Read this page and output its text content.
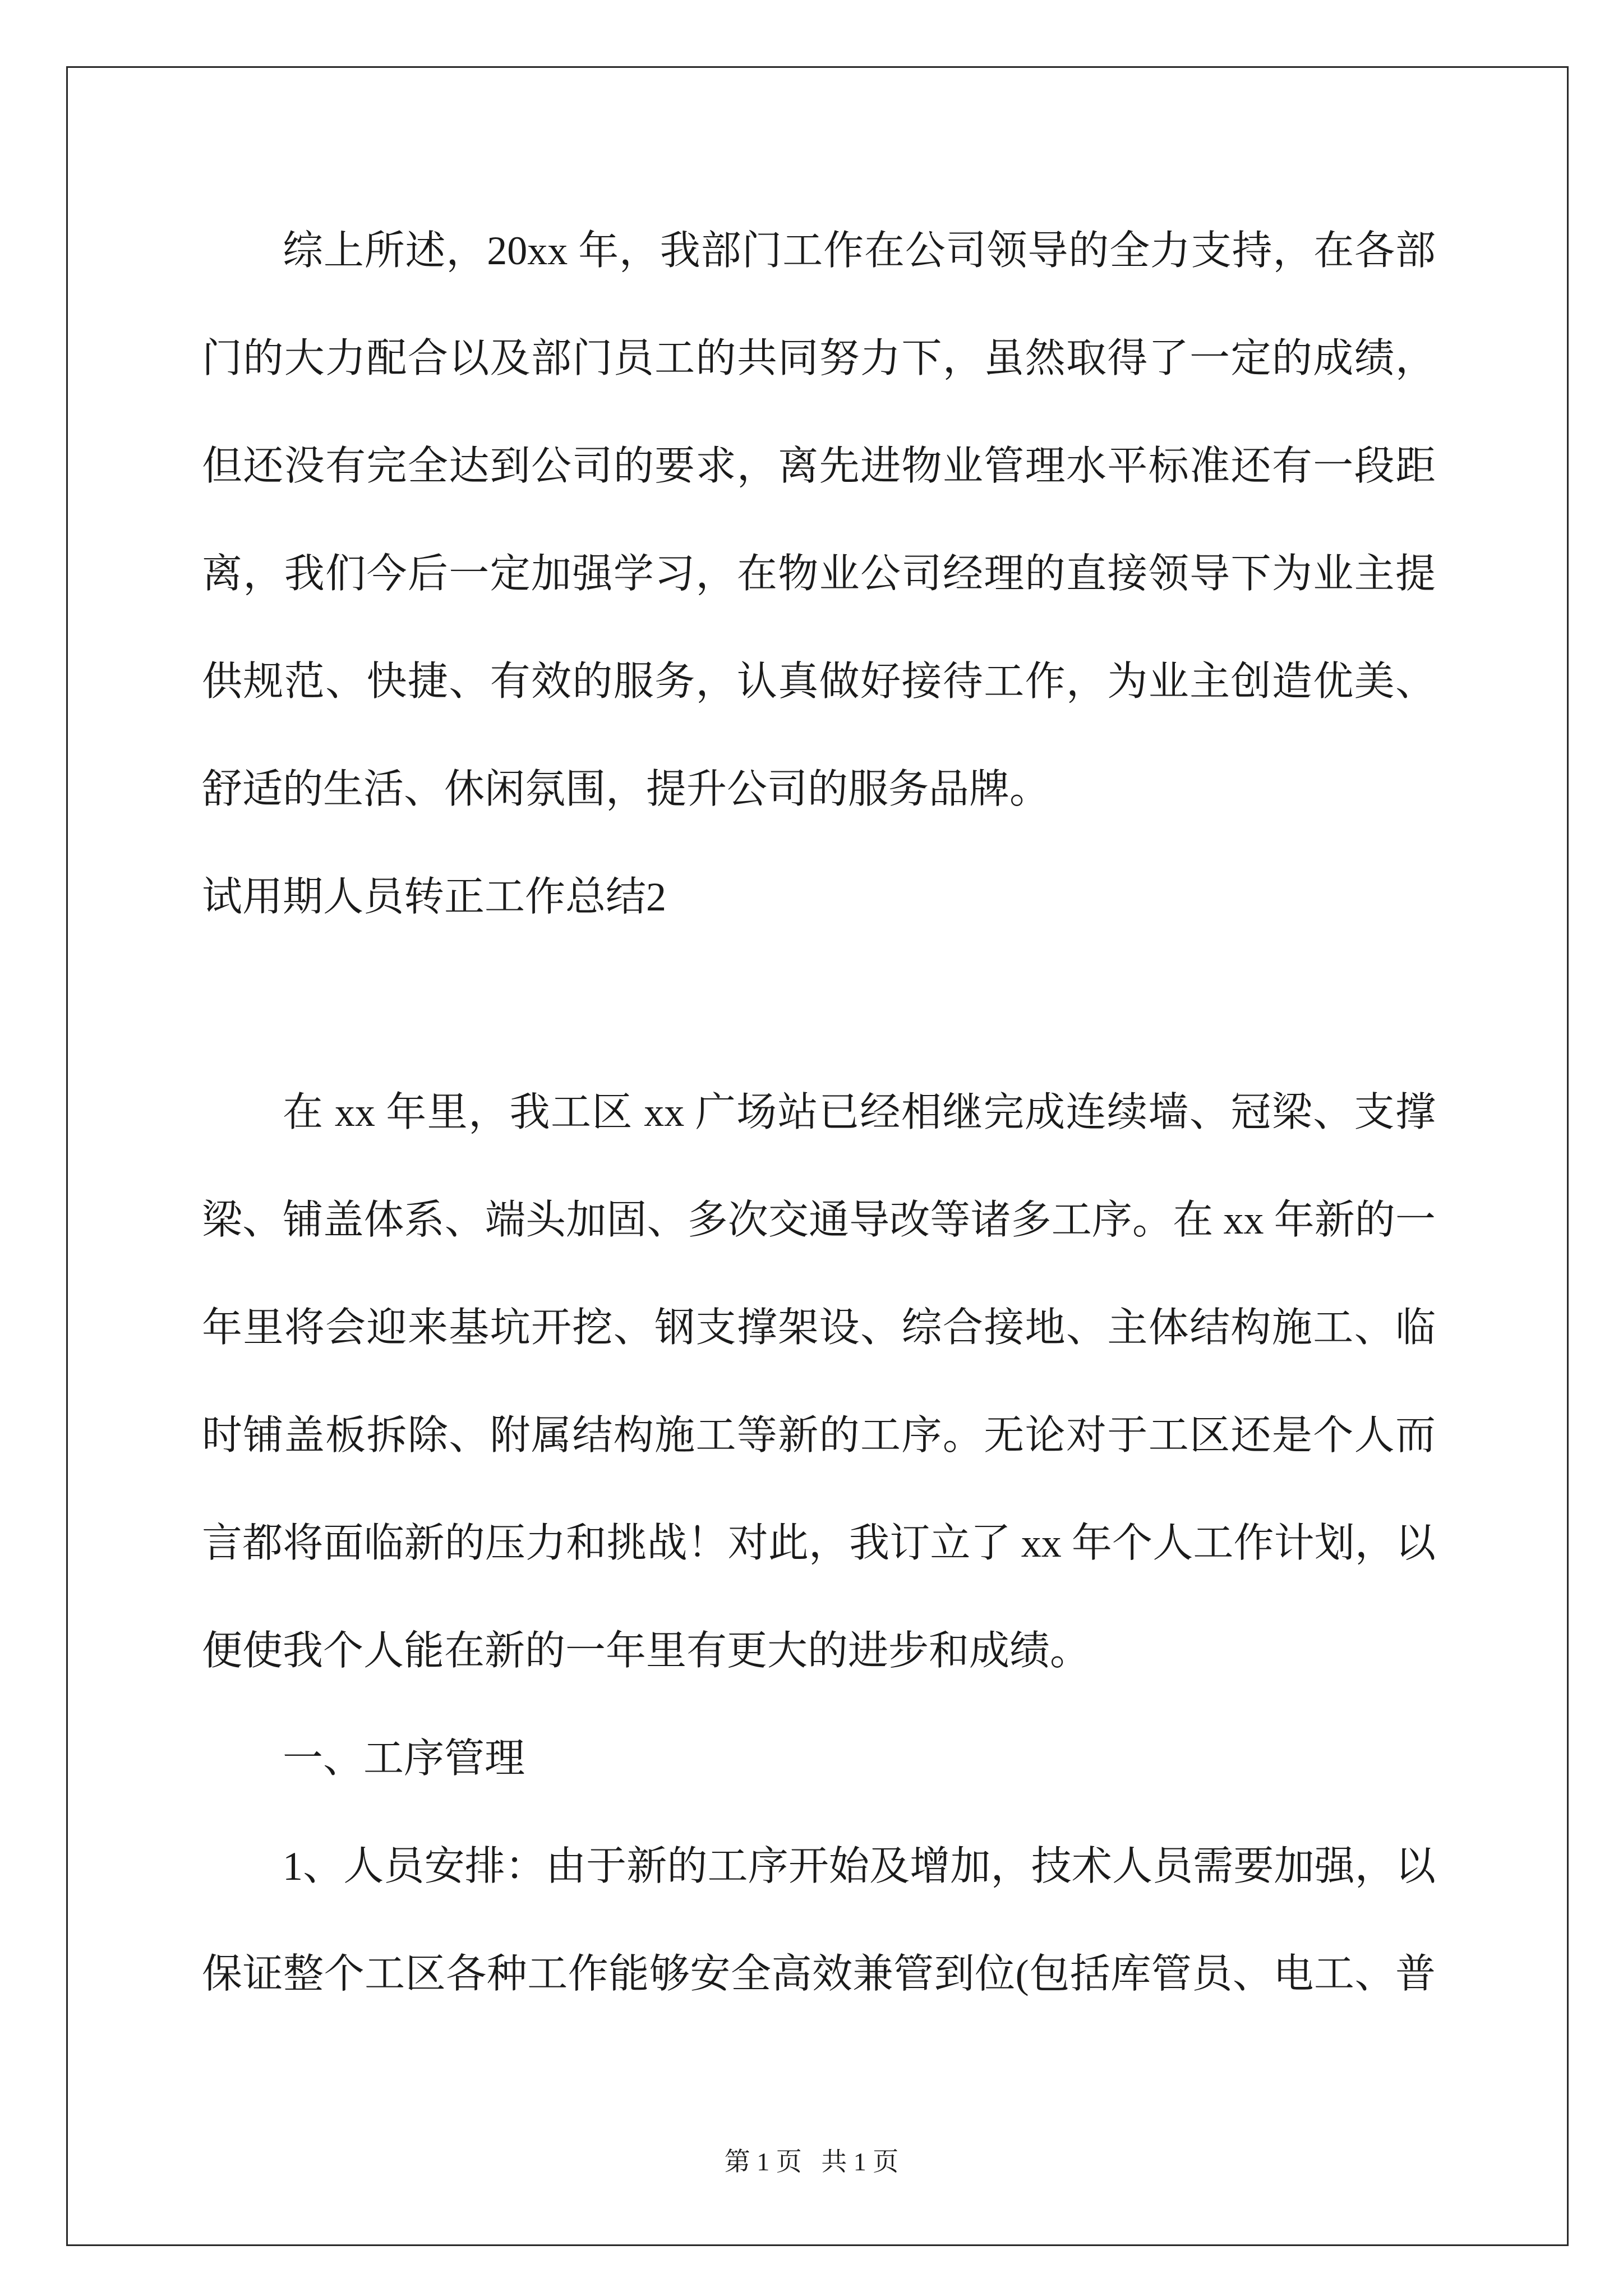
综上所述，20xx 年，我部门工作在公司领导的全力支持，在各部
门的大力配合以及部门员工的共同努力下，虽然取得了一定的成绩，
但还没有完全达到公司的要求，离先进物业管理水平标准还有一段距
离，我们今后一定加强学习，在物业公司经理的直接领导下为业主提
供规范、快捷、有效的服务，认真做好接待工作，为业主创造优美、
舒适的生活、休闲氛围，提升公司的服务品牌。
试用期人员转正工作总结2
在 xx 年里，我工区 xx 广场站已经相继完成连续墙、冠梁、支撑
梁、铺盖体系、端头加固、多次交通导改等诸多工序。在 xx 年新的一
年里将会迎来基坑开挖、钢支撑架设、综合接地、主体结构施工、临
时铺盖板拆除、附属结构施工等新的工序。无论对于工区还是个人而
言都将面临新的压力和挑战！对此，我订立了 xx 年个人工作计划，以
便使我个人能在新的一年里有更大的进步和成绩。
一、工序管理
1、人员安排：由于新的工序开始及增加，技术人员需要加强，以
保证整个工区各种工作能够安全高效兼管到位(包括库管员、电工、普
第 1 页   共 1 页
